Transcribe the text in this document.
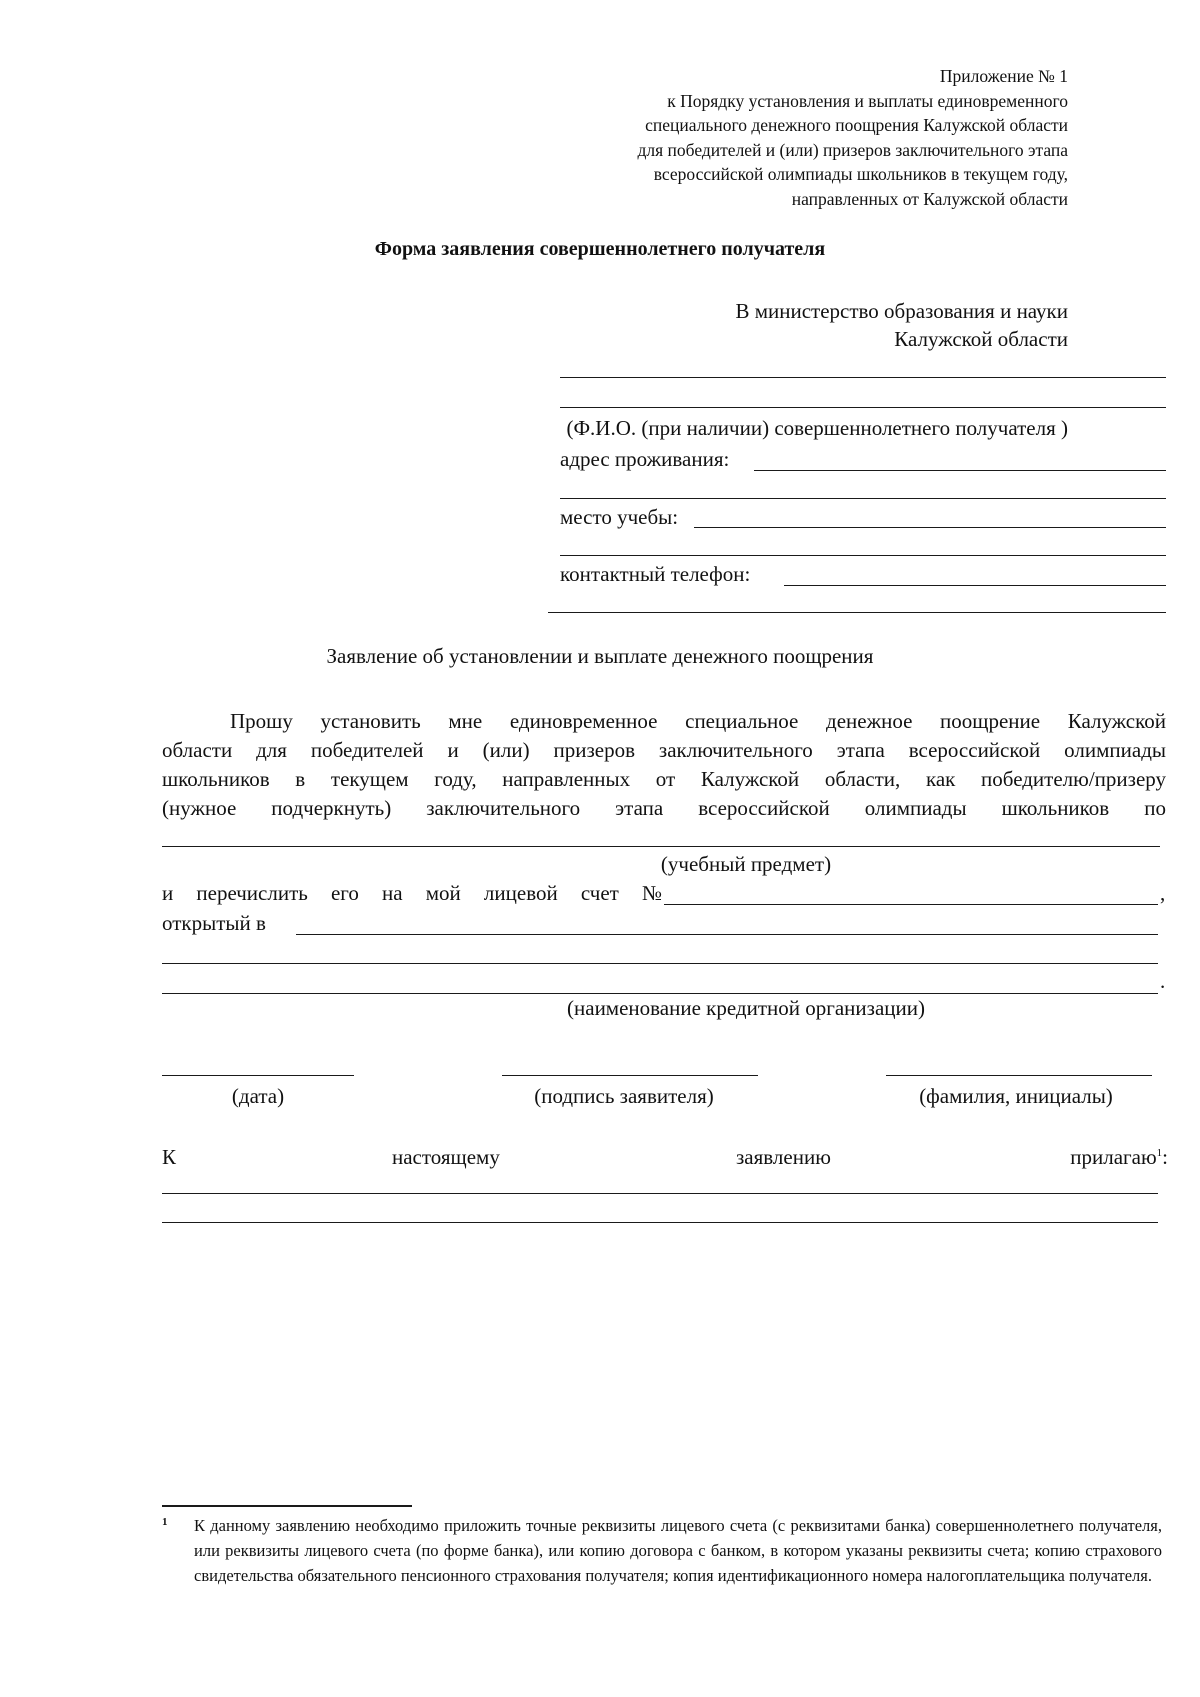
Приложение № 1
к Порядку установления и выплаты единовременного
специального денежного поощрения Калужской области
для победителей и (или) призеров заключительного этапа
всероссийской олимпиады школьников в текущем году,
направленных от Калужской области
Форма заявления совершеннолетнего получателя
В министерство образования и науки
Калужской области
(Ф.И.О. (при наличии) совершеннолетнего получателя )
адрес проживания:
место учебы:
контактный телефон:
Заявление об установлении и выплате денежного поощрения
Прошу установить мне единовременное специальное денежное поощрение Калужской
области для победителей и (или) призеров заключительного этапа всероссийской олимпиады
школьников в текущем году, направленных от Калужской области, как победителю/призеру
(нужное подчеркнуть) заключительного этапа всероссийской олимпиады школьников по
(учебный предмет)
и перечислить его на мой лицевой счет №	,
открытый в
.
(наименование кредитной организации)
(дата)	(подпись заявителя)	(фамилия, инициалы)
К	настоящему	заявлению	прилагаю$^1$:
1 К данному заявлению необходимо приложить точные реквизиты лицевого счета (с реквизитами банка) совершеннолетнего получателя, или реквизиты лицевого счета (по форме банка), или копию договора с банком, в котором указаны реквизиты счета; копию страхового свидетельства обязательного пенсионного страхования получателя; копия идентификационного номера налогоплательщика получателя.
